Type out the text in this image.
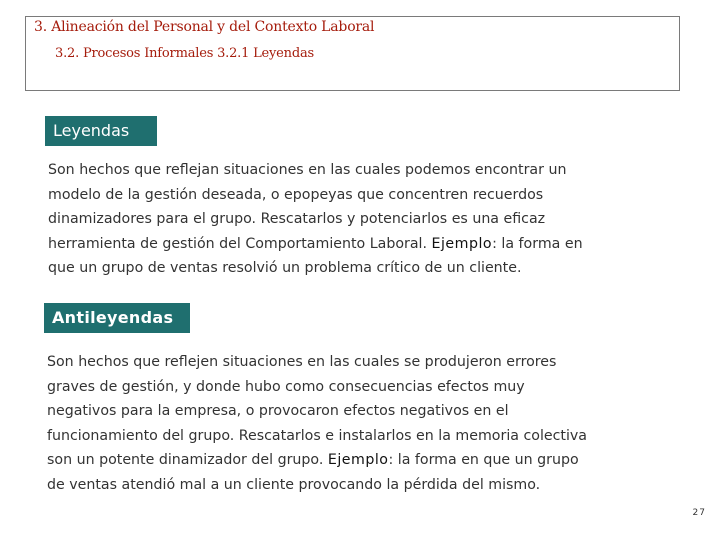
3. Alineación del Personal y del Contexto Laboral
3.2. Procesos Informales 3.2.1 Leyendas
Leyendas

Son hechos que reflejan situaciones en las cuales podemos encontrar un
modelo de la gestión deseada, o epopeyas que concentren recuerdos
dinamizadores para el grupo. Rescatarlos y potenciarlos es una eficaz
herramienta de gestión del Comportamiento Laboral. Ejemplo: la forma en
que un grupo de ventas resolvió un problema crítico de un cliente.

Antileyendas

Son hechos que reflejen situaciones en las cuales se produjeron errores
graves de gestión, y donde hubo como consecuencias efectos muy
negativos para la empresa, o provocaron efectos negativos en el
funcionamiento del grupo. Rescatarlos e instalarlos en la memoria colectiva
son un potente dinamizador del grupo. Ejemplo: la forma en que un grupo
de ventas atendió mal a un cliente provocando la pérdida del mismo.

27
